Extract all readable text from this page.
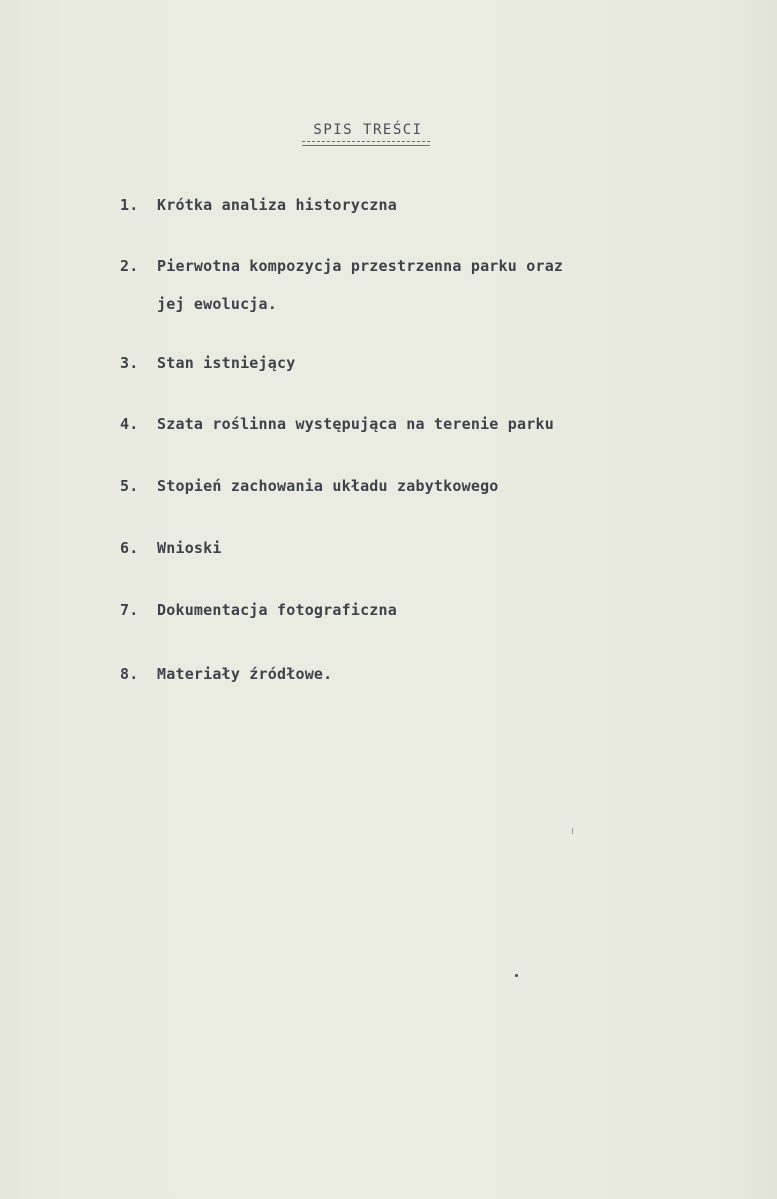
SPIS TREŚCI
1. Krótka analiza historyczna
2. Pierwotna kompozycja przestrzenna parku oraz
jej ewolucja.
3. Stan istniejący
4. Szata roślinna występująca na terenie parku
5. Stopień zachowania układu zabytkowego
6. Wnioski
7. Dokumentacja fotograficzna
8. Materiały źródłowe.
